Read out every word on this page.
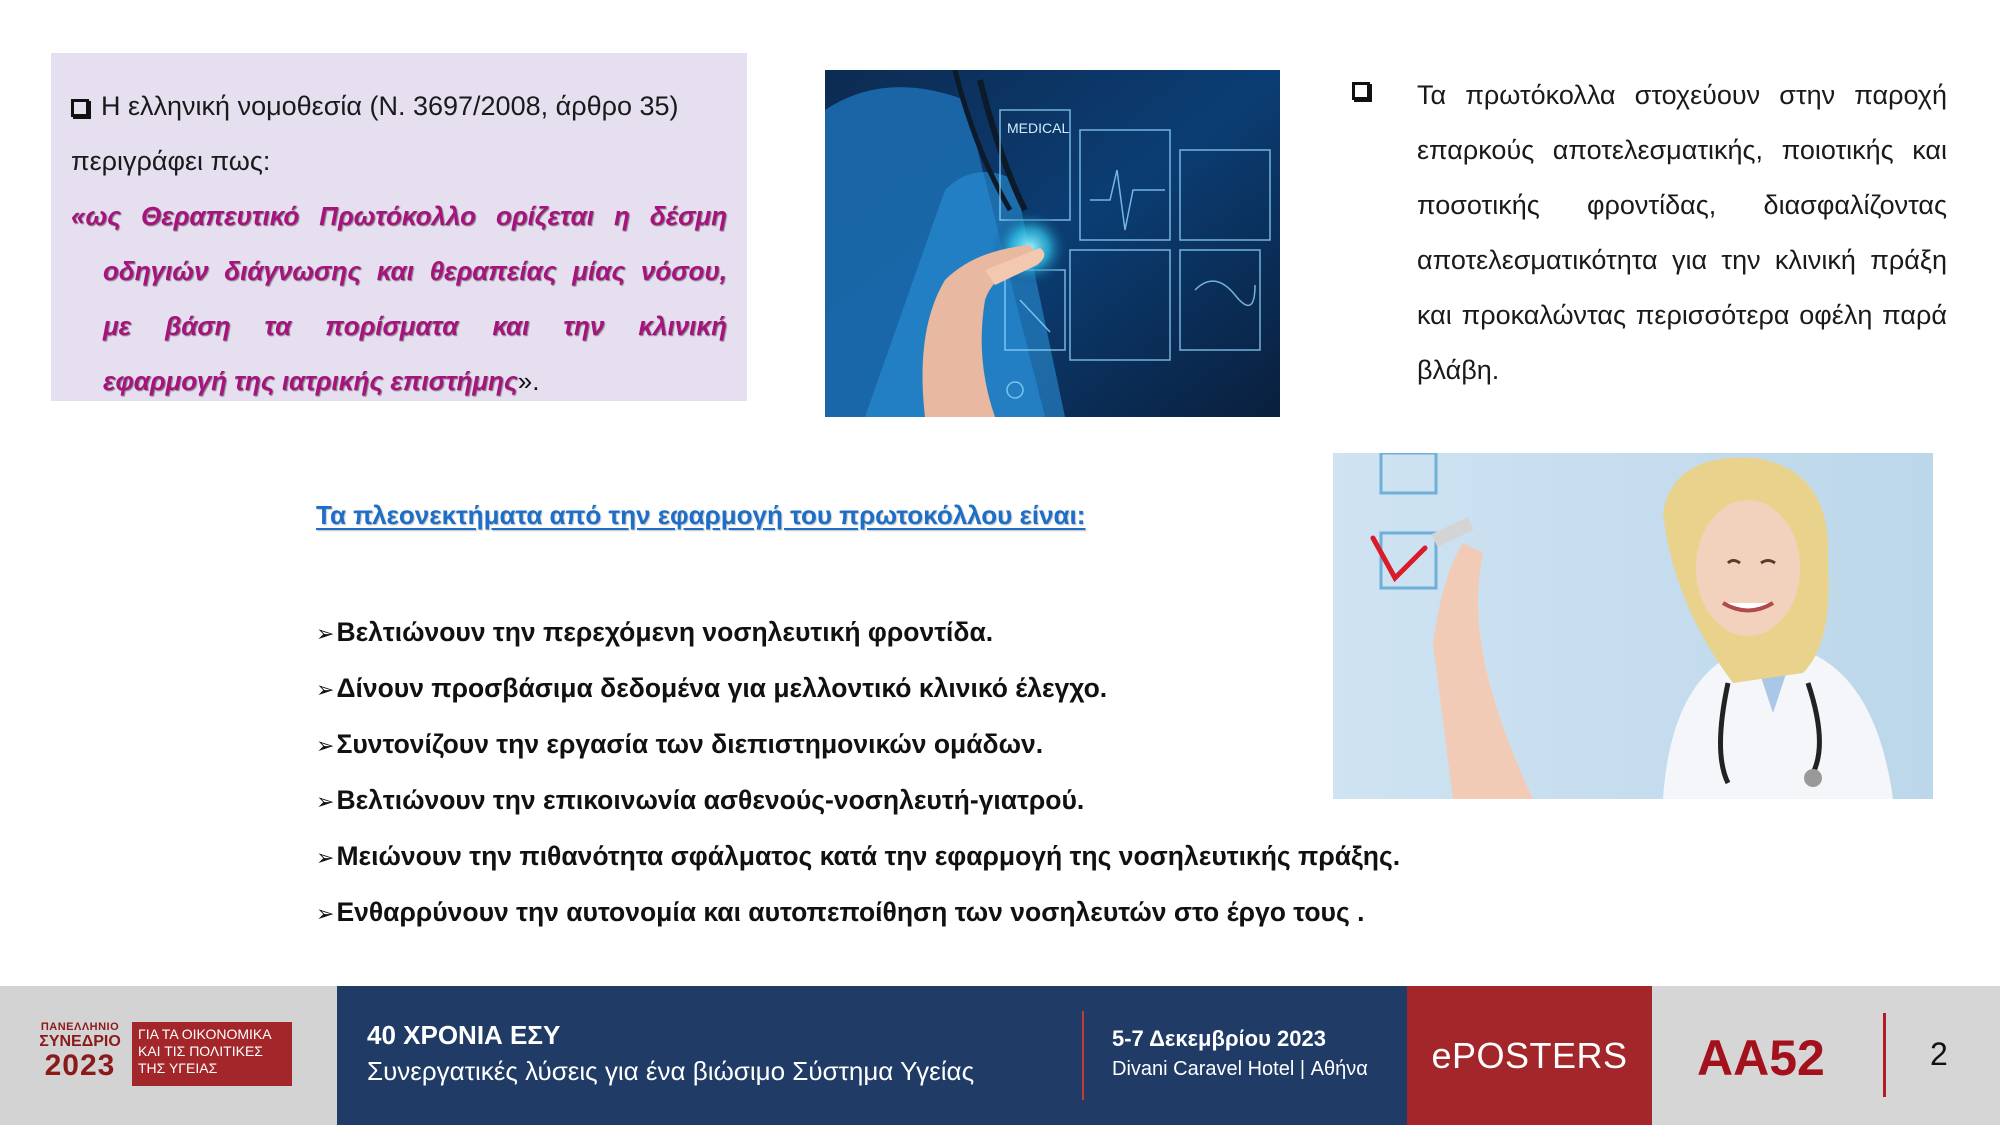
Η ελληνική νομοθεσία (Ν. 3697/2008, άρθρο 35)
περιγράφει πως:
«ως Θεραπευτικό Πρωτόκολλο ορίζεται η δέσμη
οδηγιών διάγνωσης και θεραπείας μίας νόσου,
με βάση τα πορίσματα και την κλινική
εφαρμογή της ιατρικής επιστήμης».
MEDICAL
Τα πρωτόκολλα στοχεύουν στην παροχή επαρκούς αποτελεσματικής, ποιοτικής και ποσοτικής φροντίδας, διασφαλίζοντας αποτελεσματικότητα για την κλινική πράξη και προκαλώντας περισσότερα οφέλη παρά βλάβη.
Τα πλεονεκτήματα από την εφαρμογή του πρωτοκόλλου είναι:
➢Βελτιώνουν την περεχόμενη νοσηλευτική φροντίδα.
➢Δίνουν προσβάσιμα δεδομένα για μελλοντικό κλινικό έλεγχο.
➢Συντονίζουν την εργασία των διεπιστημονικών ομάδων.
➢Βελτιώνουν την επικοινωνία ασθενούς-νοσηλευτή-γιατρού.
➢Μειώνουν την πιθανότητα σφάλματος κατά την εφαρμογή της νοσηλευτικής πράξης.
➢Ενθαρρύνουν την αυτονομία και αυτοπεποίθηση των νοσηλευτών στο έργο τους .
ΠΑΝΕΛΛΗΝΙΟ
ΣΥΝΕΔΡΙΟ
2023
ΓΙΑ ΤΑ ΟΙΚΟΝΟΜΙΚΑ ΚΑΙ ΤΙΣ ΠΟΛΙΤΙΚΕΣ ΤΗΣ ΥΓΕΙΑΣ
40 ΧΡΟΝΙΑ ΕΣΥ
Συνεργατικές λύσεις για ένα βιώσιμο Σύστημα Υγείας
5-7 Δεκεμβρίου 2023
Divani Caravel Hotel | Αθήνα	ePOSTERS	AA52	2
